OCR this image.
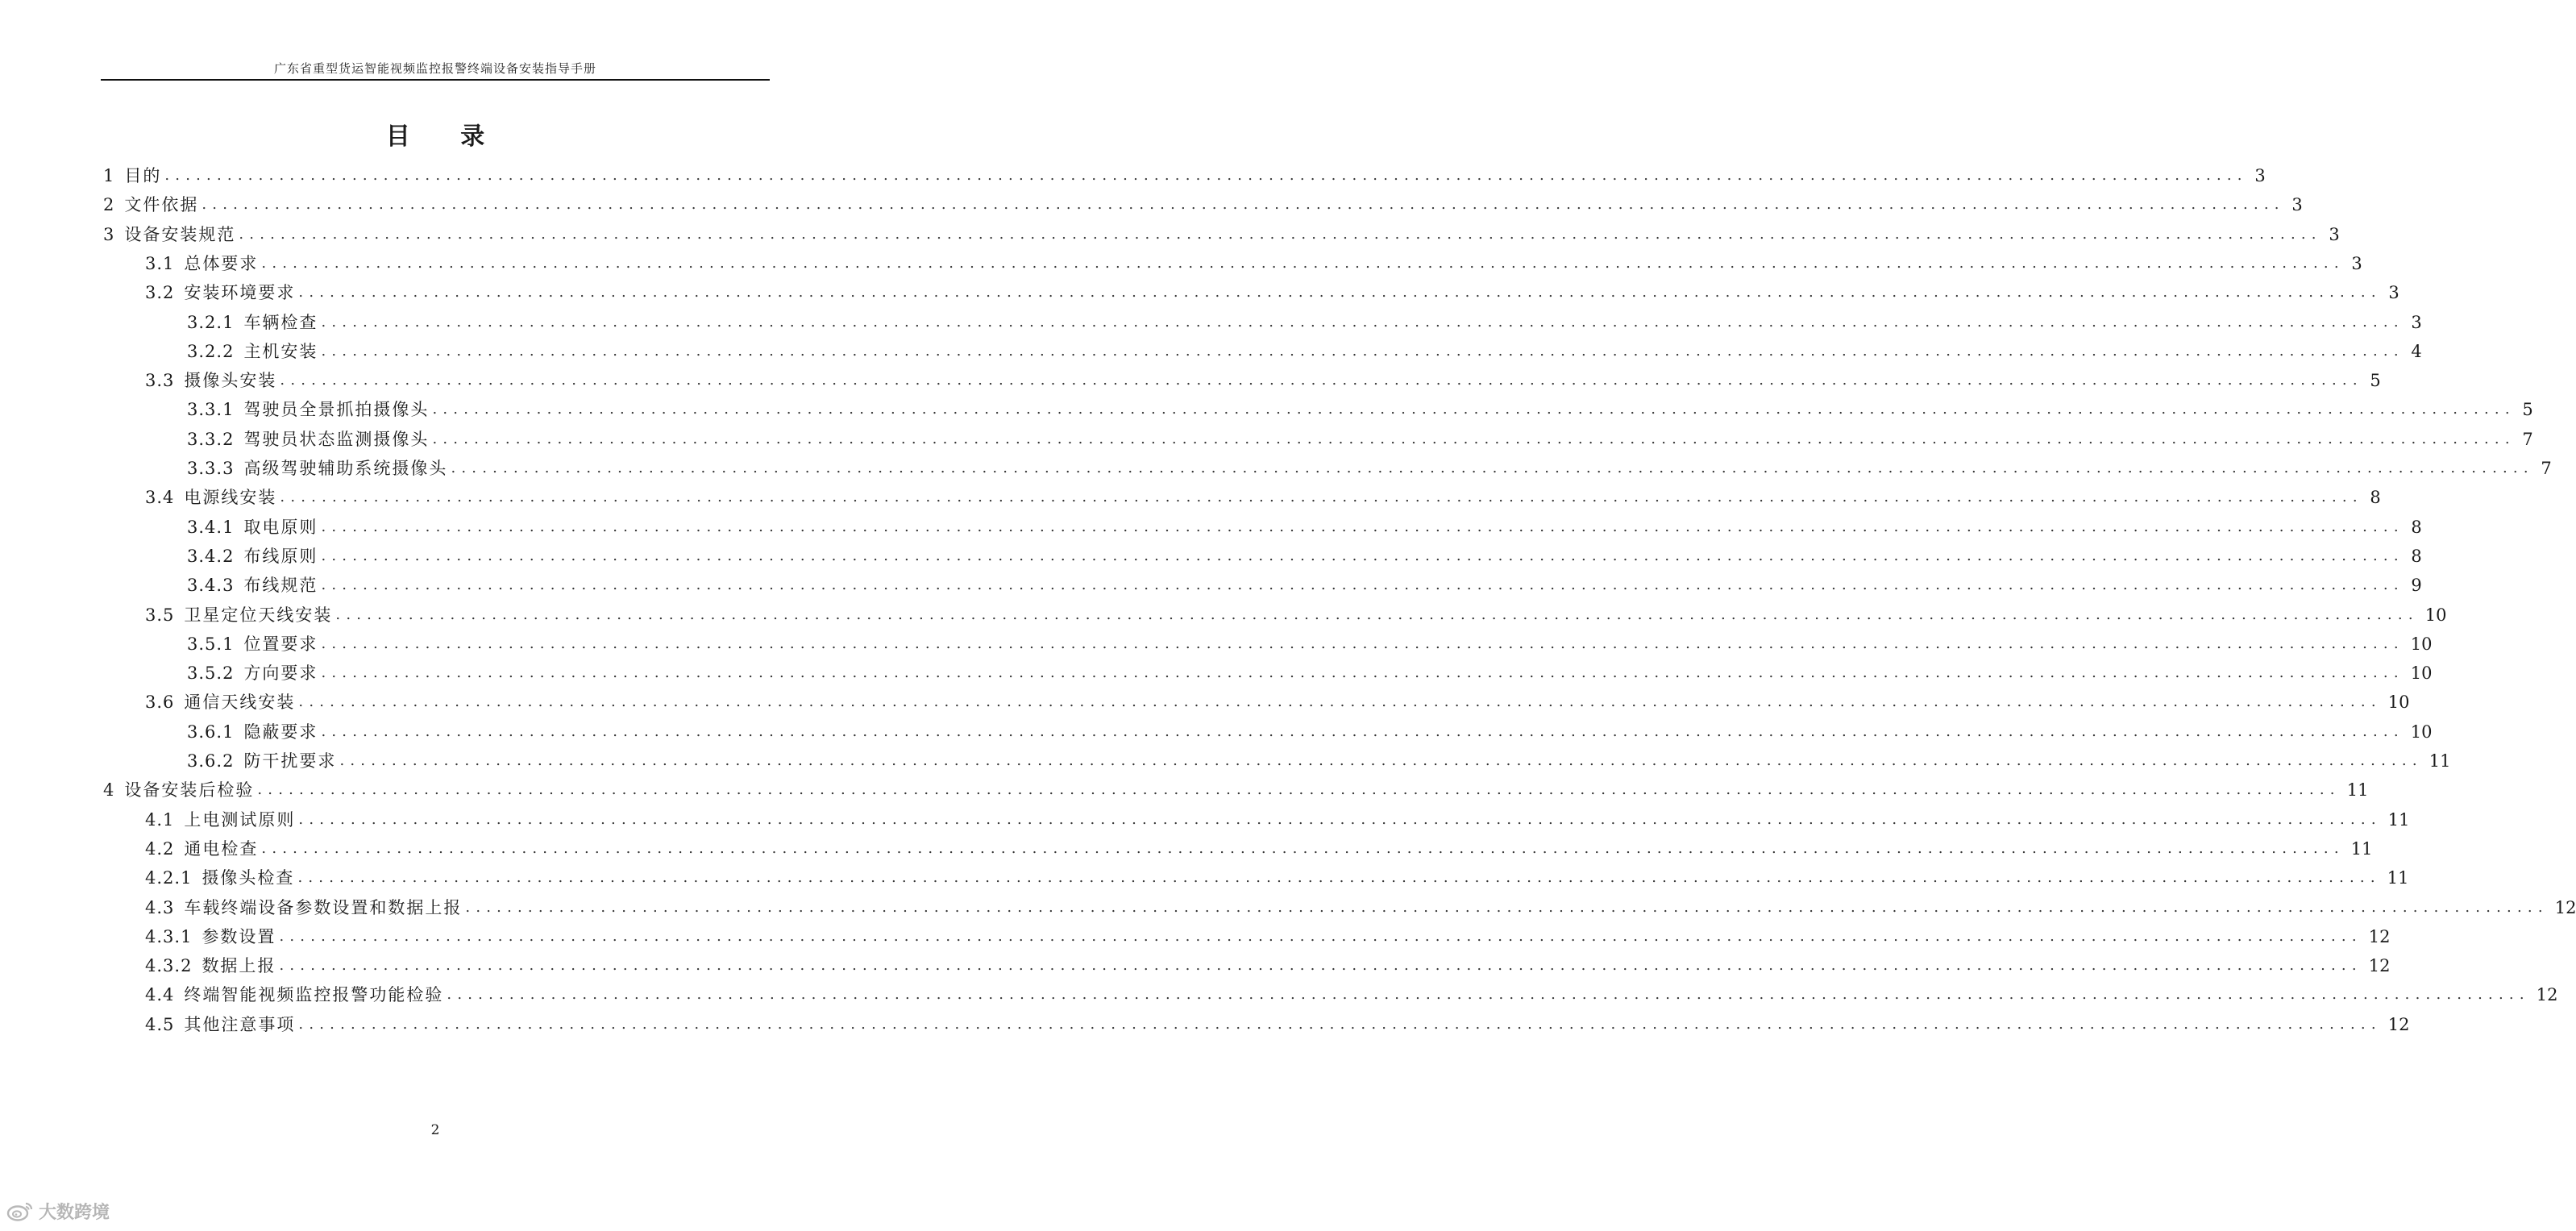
广东省重型货运智能视频监控报警终端设备安装指导手册
目 录
1 目的 ........................................................................................................................................................................................................ 3
2 文件依据 ........................................................................................................................................................................................................ 3
3 设备安装规范 ........................................................................................................................................................................................................ 3
3.1 总体要求 ........................................................................................................................................................................................................ 3
3.2 安装环境要求 ........................................................................................................................................................................................................ 3
3.2.1 车辆检查 ........................................................................................................................................................................................................ 3
3.2.2 主机安装 ........................................................................................................................................................................................................ 4
3.3 摄像头安装 ........................................................................................................................................................................................................ 5
3.3.1 驾驶员全景抓拍摄像头 ........................................................................................................................................................................................................ 5
3.3.2 驾驶员状态监测摄像头 ........................................................................................................................................................................................................ 7
3.3.3 高级驾驶辅助系统摄像头 ........................................................................................................................................................................................................ 7
3.4 电源线安装 ........................................................................................................................................................................................................ 8
3.4.1 取电原则 ........................................................................................................................................................................................................ 8
3.4.2 布线原则 ........................................................................................................................................................................................................ 8
3.4.3 布线规范 ........................................................................................................................................................................................................ 9
3.5 卫星定位天线安装 ........................................................................................................................................................................................................ 10
3.5.1 位置要求 ........................................................................................................................................................................................................ 10
3.5.2 方向要求 ........................................................................................................................................................................................................ 10
3.6 通信天线安装 ........................................................................................................................................................................................................ 10
3.6.1 隐蔽要求 ........................................................................................................................................................................................................ 10
3.6.2 防干扰要求 ........................................................................................................................................................................................................ 11
4 设备安装后检验 ........................................................................................................................................................................................................ 11
4.1 上电测试原则 ........................................................................................................................................................................................................ 11
4.2 通电检查 ........................................................................................................................................................................................................ 11
4.2.1 摄像头检查 ........................................................................................................................................................................................................ 11
4.3 车载终端设备参数设置和数据上报 ........................................................................................................................................................................................................ 12
4.3.1 参数设置 ........................................................................................................................................................................................................ 12
4.3.2 数据上报 ........................................................................................................................................................................................................ 12
4.4 终端智能视频监控报警功能检验 ........................................................................................................................................................................................................ 12
4.5 其他注意事项 ........................................................................................................................................................................................................ 12
2
大数跨境
